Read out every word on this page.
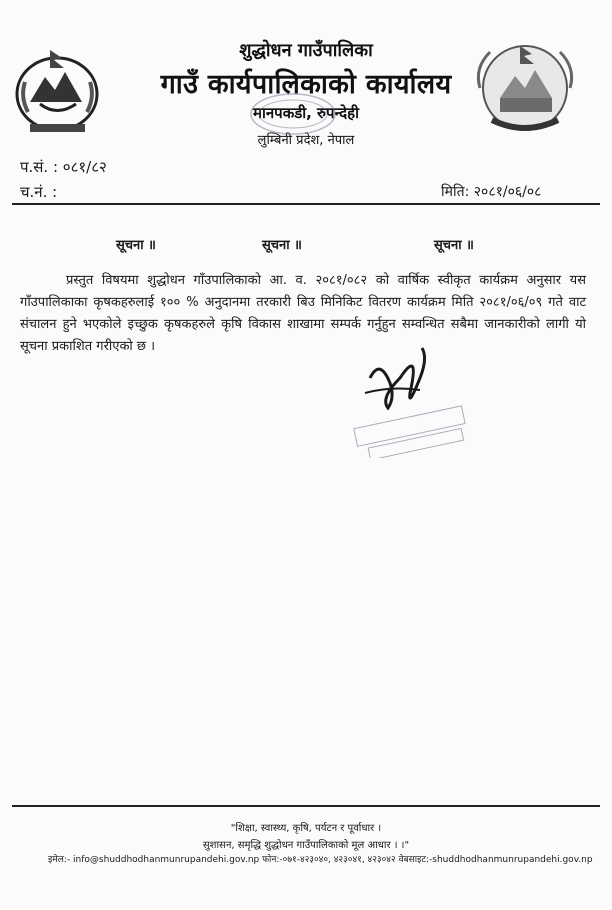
शुद्धोधन गाउँपालिका
गाउँ कार्यपालिकाको कार्यालय
मानपकडी, रुपन्देही
लुम्बिनी प्रदेश, नेपाल
प.सं. : ०८१/८२
च.नं. :	मिति: २०८१/०६/०८
सूचना ॥	सूचना ॥	सूचना ॥
प्रस्तुत विषयमा शुद्धोधन गाँउपालिकाको आ. व. २०८१/०८२ को वार्षिक स्वीकृत कार्यक्रम अनुसार यस गाँउपालिकाका कृषकहरुलाई १०० % अनुदानमा तरकारी बिउ मिनिकिट वितरण कार्यक्रम मिति २०८१/०६/०९ गते वाट संचालन हुने भएकोले इच्छुक कृषकहरुले कृषि विकास शाखामा सम्पर्क गर्नुहुन सम्वन्धित सबैमा जानकारीको लागी यो सूचना प्रकाशित गरीएको छ ।
"शिक्षा, स्वास्थ्य, कृषि, पर्यटन र पूर्वाधार ।
सुशासन, समृद्धि शुद्धोधन गाउँपालिकाको मूल आधार । ।"
इमेल:- info@shuddhodhanmunrupandehi.gov.np फोन:-०७१-४२३०४०, ४२३०४१, ४२३०४२ वेबसाइट:-shuddhodhanmunrupandehi.gov.np
